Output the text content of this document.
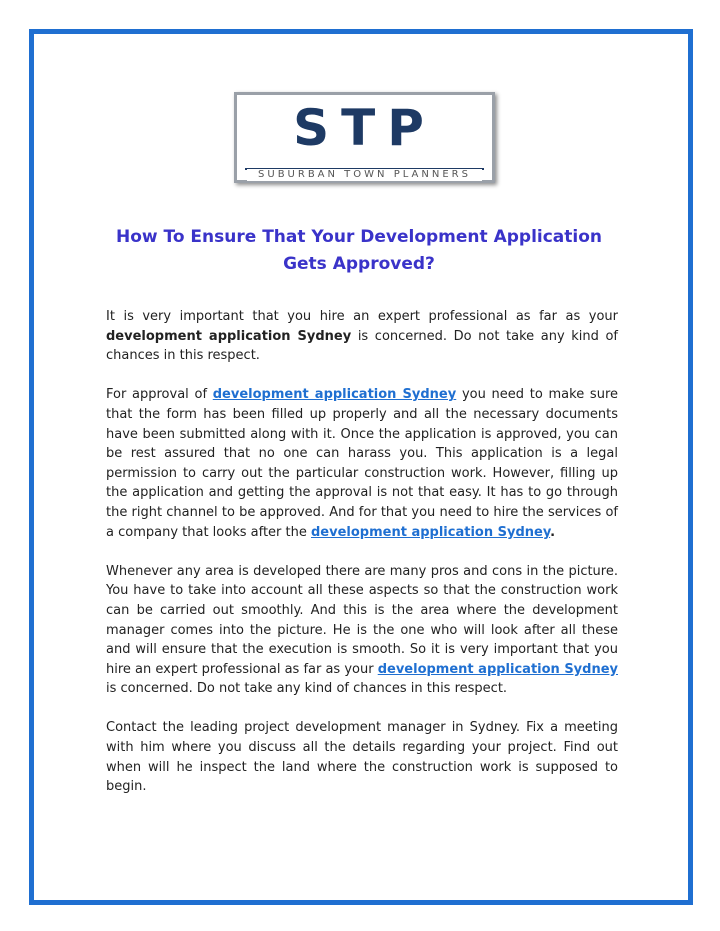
STP
SUBURBAN TOWN PLANNERS
How To Ensure That Your Development Application
Gets Approved?

It is very important that you hire an expert professional as far as your development application Sydney is concerned. Do not take any kind of chances in this respect.

For approval of development application Sydney you need to make sure that the form has been filled up properly and all the necessary documents have been submitted along with it. Once the application is approved, you can be rest assured that no one can harass you. This application is a legal permission to carry out the particular construction work. However, filling up the application and getting the approval is not that easy. It has to go through the right channel to be approved. And for that you need to hire the services of a company that looks after the development application Sydney.

Whenever any area is developed there are many pros and cons in the picture. You have to take into account all these aspects so that the construction work can be carried out smoothly. And this is the area where the development manager comes into the picture. He is the one who will look after all these and will ensure that the execution is smooth. So it is very important that you hire an expert professional as far as your development application Sydney is concerned. Do not take any kind of chances in this respect.

Contact the leading project development manager in Sydney. Fix a meeting with him where you discuss all the details regarding your project. Find out when will he inspect the land where the construction work is supposed to begin.
